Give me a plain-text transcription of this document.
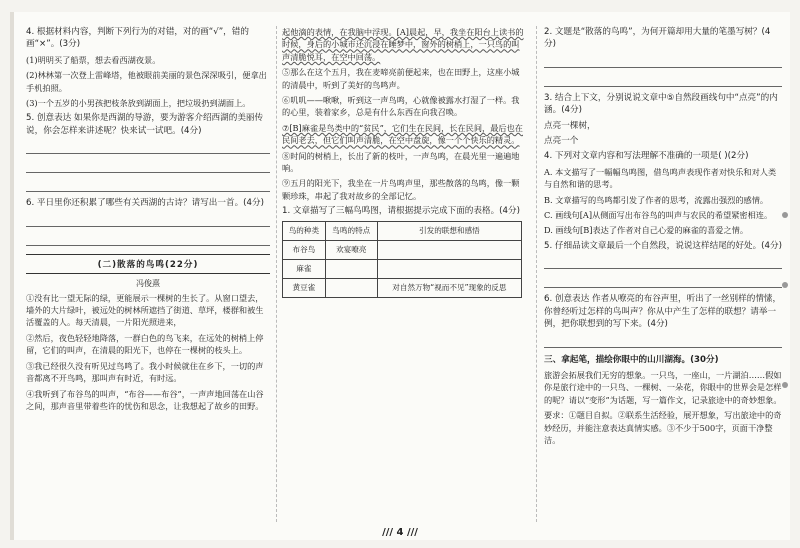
4. 根据材料内容，判断下列行为的对错，对的画“√”，错的画“×”。(3分)

(1)明明买了船票，想去看西湖夜景。

(2)林林第一次登上雷峰塔，他被眼前美丽的景色深深吸引，便拿出手机拍照。

(3)一个五岁的小男孩把枝条放到湖面上，把垃圾扔到湖面上。

5. 创意表达 如果你是西湖的导游，要为游客介绍西湖的美丽传说，你会怎样来讲述呢？快来试一试吧。(4分)

6. 平日里你还积累了哪些有关西湖的古诗？请写出一首。(4分)

(二)散落的鸟鸣(22分)
冯俊熹

①没有比一望无际的绿，更能展示一棵树的生长了。从窗口望去，墙外的大片绿叶，被远处的树林所遮挡了街道、草坪，楼群和被生活覆盖的人。每天清晨，一片阳光照进来，

②然后，夜色轻轻地降落，一群白色的鸟飞来，在远处的树梢上停留，它们的叫声，在清晨的阳光下，也停在一棵树的枝头上。

③我已经很久没有听见过鸟鸣了。我小时候就住在乡下，一切的声音都离不开鸟鸣，那叫声有时近，有时远。

④我听到了布谷鸟的叫声，“布谷——布谷”，一声声地回荡在山谷之间，那声音里带着些许的忧伤和思念，让我想起了故乡的田野。

起他滴的表情，在我脑中浮现。[A]晨起，早，我坐在阳台上读书的时候，身后的小城市还沉浸在睡梦中，窗外的树梢上，一只鸟的叫声清脆悦耳，在空中回荡。

⑤那么在这个五月，我在麦啼亮前便起来，也在田野上，这座小城的清晨中，听到了美好的鸟鸣声。

⑥叽叽——啾啾，听到这一声鸟鸣，心就像被露水打湿了一样。我的心里，装着家乡，总是有什么东西在向我召唤。

⑦[B]麻雀是鸟类中的“贫民”，它们生在民间，长在民间，最后也在民间老去，但它们叫声清脆，在空中盘旋，像一个个快乐的精灵。

⑧时间的树梢上，长出了新的枝叶，一声鸟鸣，在晨光里一遍遍地响。

⑨五月的阳光下，我坐在一片鸟鸣声里，那些散落的鸟鸣，像一颗颗珍珠，串起了我对故乡的全部记忆。

1. 文章描写了三幅鸟鸣图，请根据提示完成下面的表格。(4分)

鸟的种类	鸟鸣的特点	引发的联想和感悟
布谷鸟	欢宴嘹亮	
麻雀		
黄豆雀		对自然万物“视而不见”现象的反思

2. 文题是“散落的鸟鸣”，为何开篇却用大量的笔墨写树？(4分)

3. 结合上下文，分别说说文章中⑤自然段画线句中“点亮”的内涵。(4分)

点亮一棵树，

点亮一个

4. 下列对文章内容和写法理解不准确的一项是( )(2分)

A. 本文描写了一幅幅鸟鸣图，借鸟鸣声表现作者对快乐和对人类与自然和谐的思考。

B. 文章描写的鸟鸣都引发了作者的思考，流露出强烈的感情。

C. 画线句[A]从侧面写出布谷鸟的叫声与农民的希望紧密相连。

D. 画线句[B]表达了作者对自己心爱的麻雀的喜爱之情。

5. 仔细品读文章最后一个自然段，说说这样结尾的好处。(4分)

6. 创意表达 作者从嘹亮的布谷声里，听出了一丝别样的情愫，你曾经听过怎样的鸟叫声？你从中产生了怎样的联想？请举一例，把你联想到的写下来。(4分)

三、拿起笔，描绘你眼中的山川湖海。(30分)

旅游会拓展我们无穷的想象。一只鸟，一座山，一片湖泊……假如你是旅行途中的一只鸟、一棵树、一朵花，你眼中的世界会是怎样的呢？请以“变形”为话题，写一篇作文，记录旅途中的奇妙想象。

要求：①题目自拟。②联系生活经验，展开想象，写出旅途中的奇妙经历，并能注意表达真情实感。③不少于500字，页面干净整洁。

/// 4 ///
